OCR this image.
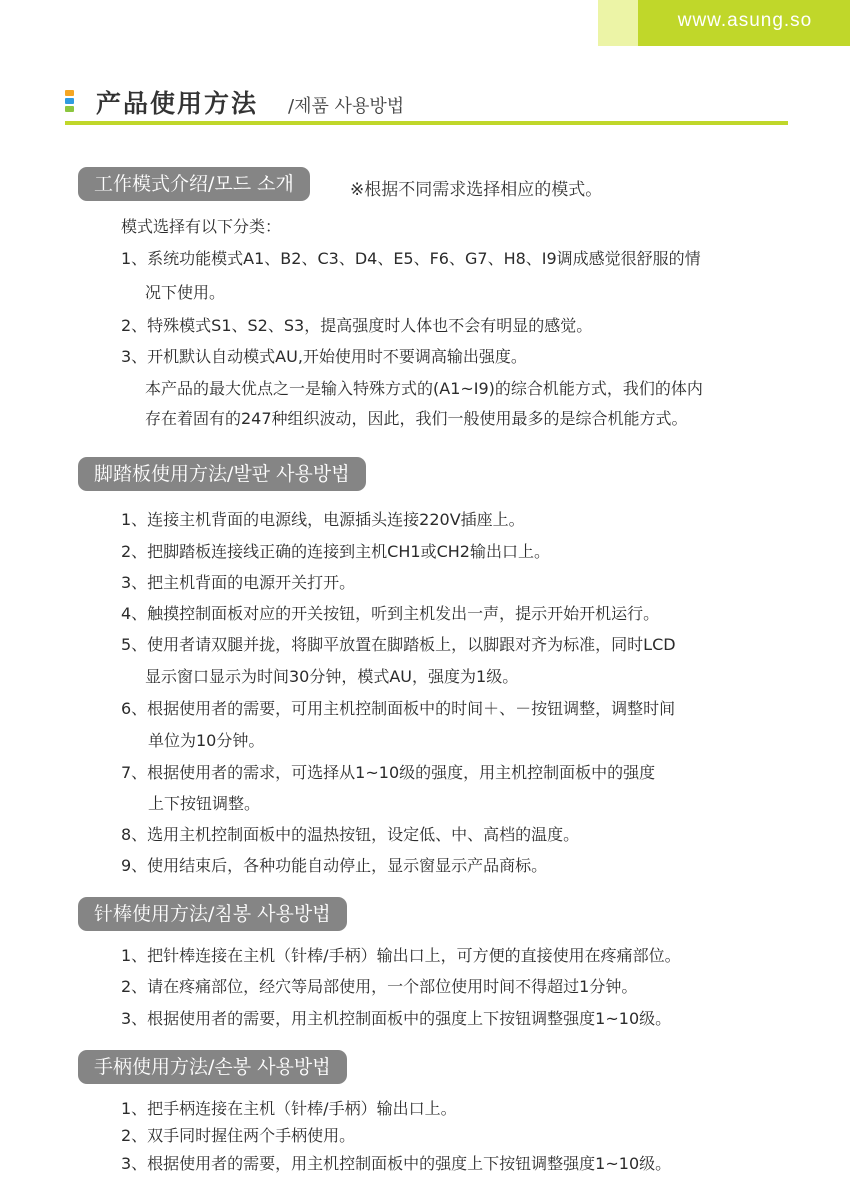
www.asung.so
产品使用方法 /제품 사용방법
工作模式介绍/모드 소개	※根据不同需求选择相应的模式。
模式选择有以下分类：
1、系统功能模式A1、B2、C3、D4、E5、F6、G7、H8、I9调成感觉很舒服的情
况下使用。
2、特殊模式S1、S2、S3，提高强度时人体也不会有明显的感觉。
3、开机默认自动模式AU,开始使用时不要调高输出强度。
本产品的最大优点之一是输入特殊方式的(A1~I9)的综合机能方式，我们的体内
存在着固有的247种组织波动，因此，我们一般使用最多的是综合机能方式。
脚踏板使用方法/발판 사용방법
1、连接主机背面的电源线，电源插头连接220V插座上。
2、把脚踏板连接线正确的连接到主机CH1或CH2输出口上。
3、把主机背面的电源开关打开。
4、触摸控制面板对应的开关按钮，听到主机发出一声，提示开始开机运行。
5、使用者请双腿并拢，将脚平放置在脚踏板上，以脚跟对齐为标准，同时LCD
显示窗口显示为时间30分钟，模式AU，强度为1级。
6、根据使用者的需要，可用主机控制面板中的时间＋、－按钮调整，调整时间
单位为10分钟。
7、根据使用者的需求，可选择从1~10级的强度，用主机控制面板中的强度
上下按钮调整。
8、选用主机控制面板中的温热按钮，设定低、中、高档的温度。
9、使用结束后，各种功能自动停止，显示窗显示产品商标。
针棒使用方法/침봉 사용방법
1、把针棒连接在主机（针棒/手柄）输出口上，可方便的直接使用在疼痛部位。
2、请在疼痛部位，经穴等局部使用，一个部位使用时间不得超过1分钟。
3、根据使用者的需要，用主机控制面板中的强度上下按钮调整强度1~10级。
手柄使用方法/손봉 사용방법
1、把手柄连接在主机（针棒/手柄）输出口上。
2、双手同时握住两个手柄使用。
3、根据使用者的需要，用主机控制面板中的强度上下按钮调整强度1~10级。
